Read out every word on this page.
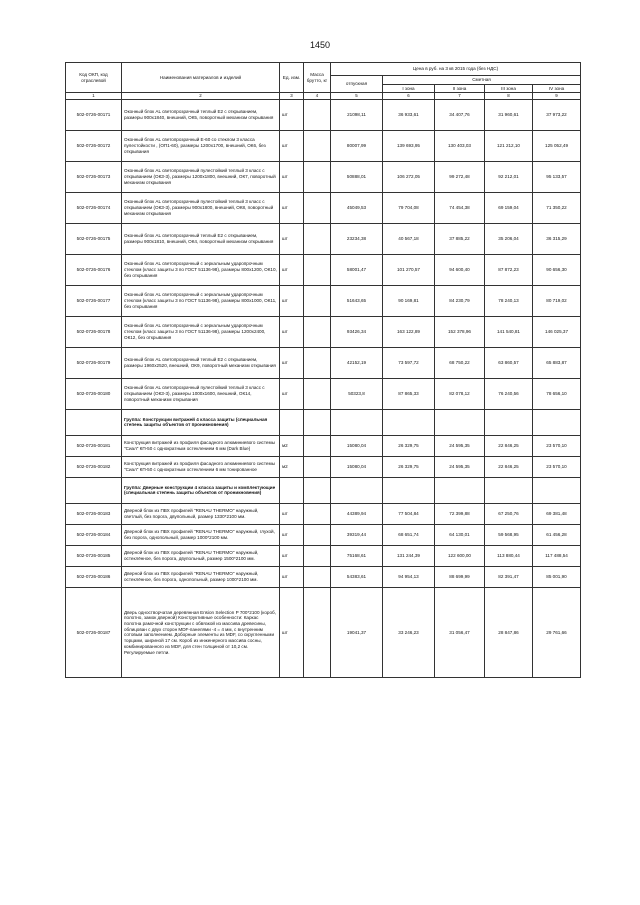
1450
Код ОКП, код отраслевой	Наименования материалов и изделий	Ед. изм.	Масса брутто, кг	Цена в руб. на 3 кв 2015 года (без НДС)				
				отпускная	Сметная			
					I зона	II зона	III зона	IV зона
1	2	3	4	5	6	7	8	9
502-0726-00171	Оконный блок AL светопрозрачный теплый Е2 с открыванием, размеры 900х1840, внешний, ОК5, поворотный механизм открывания	шт		21098,11	36 933,61	34 407,76	31 960,61	37 973,22
502-0726-00172	Оконный блок AL светопрозрачный Е-60 со стеклом 3 класса пулестойкости , (ОП1-60), размеры 1200х1700, внешний, ОК6, без открывания	шт		80007,99	139 693,95	130 403,03	121 212,10	125 052,49
502-0726-00173	Оконный блок AL светопрозрачный пулестойкий теплый 3 класс с открыванием (ОКЗ-3), размеры 1200х1800, внешний, ОК7, поворотный механизм открывания	шт		50888,01	106 272,05	99 272,48	92 212,01	95 133,57
502-0726-00174	Оконный блок AL светопрозрачный пулестойкий теплый 3 класс с открыванием (ОКЗ-3), размеры 900х1800, внешний, ОК8, поворотный механизм открывания	шт		45049,53	79 704,08	74 454,38	69 159,04	71 350,22
502-0726-00175	Оконный блок AL светопрозрачный теплый Е2 с открыванием, размеры 900х1810, внешний, ОК4, поворотный механизм открывания	шт		23234,38	40 567,18	37 885,22	35 206,04	36 315,29
502-0726-00176	Оконный блок AL светопрозрачный с зеркальным ударопрочным стеклом (класс защиты 3 по ГОСТ 51136-98), размеры 800х1200, ОК10, без открывания	шт		58001,47	101 270,57	94 600,40	87 872,23	90 656,30
502-0726-00177	Оконный блок AL светопрозрачный с зеркальным ударопрочным стеклом (класс защиты 3 по ГОСТ 51136-98), размеры 800х1000, ОК11, без открывания	шт		51643,65	90 169,81	84 230,79	78 240,13	80 719,02
502-0726-00178	Оконный блок AL светопрозрачный с зеркальным ударопрочным стеклом (класс защиты 3 по ГОСТ 51136-98), размеры 1200х2400, ОК12, без открывания	шт		93426,34	163 122,89	152 378,96	141 540,81	146 025,37
502-0726-00179	Оконный блок AL светопрозрачный теплый Е2 с открыванием, размеры 1960х2520, внешний, ОК9, поворотный механизм открывания	шт		42152,19	73 597,72	68 750,22	63 860,57	65 883,87
502-0726-00180	Оконный блок AL светопрозрачный пулестойкий теплый 3 класс с открыванием (ОКЗ-3), размеры 1000х1600, внешний, ОК14, поворотный механизм открывания	шт		50323,8	87 865,33	82 078,12	76 240,56	78 656,10
	Группа: Конструкции витражей 4 класса защиты (специальная степень защиты объектов от проникновения)							
502-0726-00181	Конструкция витражей из профиля фасадного алюминиевого системы "Сиал" КП-50 с однократным остеклением 6 мм (Dark Blue)	м2		15080,04	26 329,75	24 595,35	22 846,25	23 570,10
502-0726-00182	Конструкция витражей из профиля фасадного алюминиевого системы "Сиал" КП-50 с однократным остеклением 6 мм тонированное	м2		15080,04	26 329,75	24 595,35	22 846,25	23 570,10
	Группа: Дверные конструкции 4 класса защиты и комплектующие (специальная степень защиты объектов от проникновения)							
502-0726-00183	Дверной блок из ПВХ профилей "RENAU THERMO" наружный, светлый, без порога, двупольный, размер 1330*2100 мм.	шт		44389,94	77 504,84	72 399,88	67 250,76	69 381,48
502-0726-00184	Дверной блок из ПВХ профилей "RENAU THERMO" наружный, глухой, без порога, однопольный, размер 1000*2100 мм.	шт		39319,44	68 651,74	64 130,01	59 568,95	61 456,28
502-0726-00185	Дверной блок из ПВХ профилей "RENAU THERMO" наружный, остеклённое, без порога, двупольный, размер 1500*2100 мм.	шт		75168,61	131 244,39	122 600,00	113 880,44	117 488,54
502-0726-00186	Дверной блок из ПВХ профилей "RENAU THERMO" наружный, остеклённое, без порога, однопольный, размер 1000*2100 мм.	шт		54383,61	94 954,13	88 699,99	82 391,47	85 001,90
502-0726-00187	Дверь одностворчатая деревянная Eпsion Selection P 700*2100 (короб, полотно, замок дверной) Конструктивные особенности: Каркас полотна рамочной конструкции с обвязкой из массива древесины, облицован с двух сторон МDF-панелями -4 = 4 мм, с внутренним сотовым заполнением. Доборные элементы из МDF, со скругленными торцами, шириной 17 см. Короб из инженерного массива сосны, комбинированного из МDF, для стен толщиной от 10,2 см. Регулируемые петли.	шт		19041,37	33 246,23	31 056,47	28 847,86	29 761,66
